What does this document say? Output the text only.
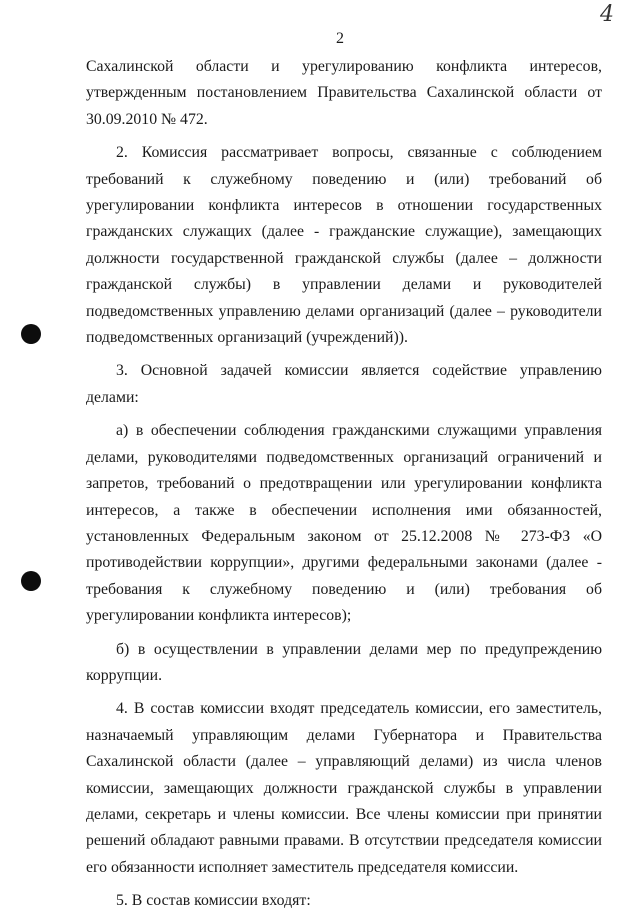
4
2

Сахалинской области и урегулированию конфликта интересов, утвержденным постановлением Правительства Сахалинской области от 30.09.2010 № 472.

2. Комиссия рассматривает вопросы, связанные с соблюдением требований к служебному поведению и (или) требований об урегулировании конфликта интересов в отношении государственных гражданских служащих (далее - гражданские служащие), замещающих должности государственной гражданской службы (далее – должности гражданской службы) в управлении делами и руководителей подведомственных управлению делами организаций (далее – руководители подведомственных организаций (учреждений)).

3. Основной задачей комиссии является содействие управлению делами:

а) в обеспечении соблюдения гражданскими служащими управления делами, руководителями подведомственных организаций ограничений и запретов, требований о предотвращении или урегулировании конфликта интересов, а также в обеспечении исполнения ими обязанностей, установленных Федеральным законом от 25.12.2008 № 273-ФЗ «О противодействии коррупции», другими федеральными законами (далее - требования к служебному поведению и (или) требования об урегулировании конфликта интересов);

б) в осуществлении в управлении делами мер по предупреждению коррупции.

4. В состав комиссии входят председатель комиссии, его заместитель, назначаемый управляющим делами Губернатора и Правительства Сахалинской области (далее – управляющий делами) из числа членов комиссии, замещающих должности гражданской службы в управлении делами, секретарь и члены комиссии. Все члены комиссии при принятии решений обладают равными правами. В отсутствии председателя комиссии его обязанности исполняет заместитель председателя комиссии.

5. В состав комиссии входят:
